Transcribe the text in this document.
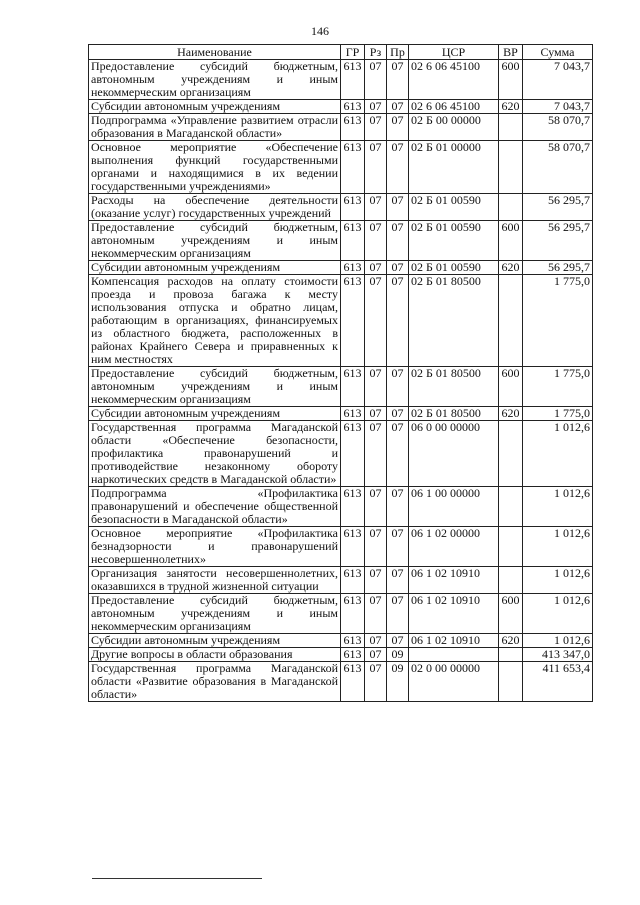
146
Наименование	ГР	Рз	Пр	ЦСР	ВР	Сумма
Предоставление субсидий бюджетным, автономным учреждениям и иным некоммерческим организациям	613	07	07	02 6 06 45100	600	7 043,7
Субсидии автономным учреждениям	613	07	07	02 6 06 45100	620	7 043,7
Подпрограмма «Управление развитием отрасли образования в Магаданской области»	613	07	07	02 Б 00 00000		58 070,7
Основное мероприятие «Обеспечение выполнения функций государственными органами и находящимися в их ведении государственными учреждениями»	613	07	07	02 Б 01 00000		58 070,7
Расходы на обеспечение деятельности (оказание услуг) государственных учреждений	613	07	07	02 Б 01 00590		56 295,7
Предоставление субсидий бюджетным, автономным учреждениям и иным некоммерческим организациям	613	07	07	02 Б 01 00590	600	56 295,7
Субсидии автономным учреждениям	613	07	07	02 Б 01 00590	620	56 295,7
Компенсация расходов на оплату стоимости проезда и провоза багажа к месту использования отпуска и обратно лицам, работающим в организациях, финансируемых из областного бюджета, расположенных в районах Крайнего Севера и приравненных к ним местностях	613	07	07	02 Б 01 80500		1 775,0
Предоставление субсидий бюджетным, автономным учреждениям и иным некоммерческим организациям	613	07	07	02 Б 01 80500	600	1 775,0
Субсидии автономным учреждениям	613	07	07	02 Б 01 80500	620	1 775,0
Государственная программа Магаданской области «Обеспечение безопасности, профилактика правонарушений и противодействие незаконному обороту наркотических средств в Магаданской области»	613	07	07	06 0 00 00000		1 012,6
Подпрограмма «Профилактика правонарушений и обеспечение общественной безопасности в Магаданской области»	613	07	07	06 1 00 00000		1 012,6
Основное мероприятие «Профилактика безнадзорности и правонарушений несовершеннолетних»	613	07	07	06 1 02 00000		1 012,6
Организация занятости несовершеннолетних, оказавшихся в трудной жизненной ситуации	613	07	07	06 1 02 10910		1 012,6
Предоставление субсидий бюджетным, автономным учреждениям и иным некоммерческим организациям	613	07	07	06 1 02 10910	600	1 012,6
Субсидии автономным учреждениям	613	07	07	06 1 02 10910	620	1 012,6
Другие вопросы в области образования	613	07	09			413 347,0
Государственная программа Магаданской области «Развитие образования в Магаданской области»	613	07	09	02 0 00 00000		411 653,4
